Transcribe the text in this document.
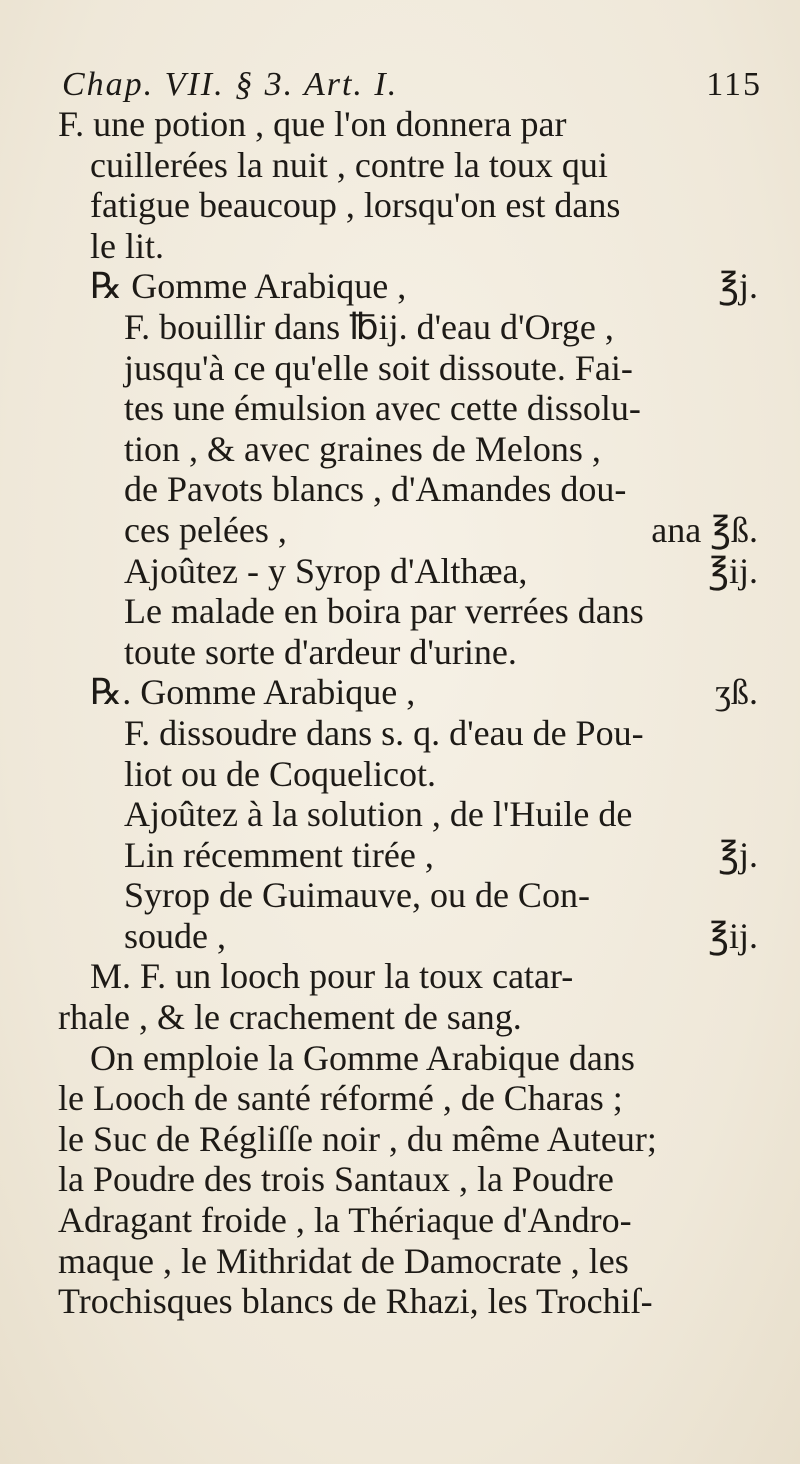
Chap. VII. § 3. Art. I.	115
F. une potion , que l'on donnera par
cuillerées la nuit , contre la toux qui
fatigue beaucoup , lorsqu'on est dans
le lit.
℞ Gomme Arabique ,	℥j.
F. bouillir dans ℔ij. d'eau d'Orge ,
jusqu'à ce qu'elle soit dissoute. Fai-
tes une émulsion avec cette dissolu-
tion , & avec graines de Melons ,
de Pavots blancs , d'Amandes dou-
ces pelées ,	ana ℥ß.
Ajoûtez - y Syrop d'Althæa,	℥ij.
Le malade en boira par verrées dans
toute sorte d'ardeur d'urine.
℞. Gomme Arabique ,	ʒß.
F. dissoudre dans s. q. d'eau de Pou-
liot ou de Coquelicot.
Ajoûtez à la solution , de l'Huile de
Lin récemment tirée ,	℥j.
Syrop de Guimauve, ou de Con-
soude ,	℥ij.
M. F. un looch pour la toux catar-
rhale , & le crachement de sang.
On emploie la Gomme Arabique dans
le Looch de santé réformé , de Charas ;
le Suc de Régliſſe noir , du même Auteur;
la Poudre des trois Santaux , la Poudre
Adragant froide , la Thériaque d'Andro-
maque , le Mithridat de Damocrate , les
Trochisques blancs de Rhazi, les Trochiſ-
